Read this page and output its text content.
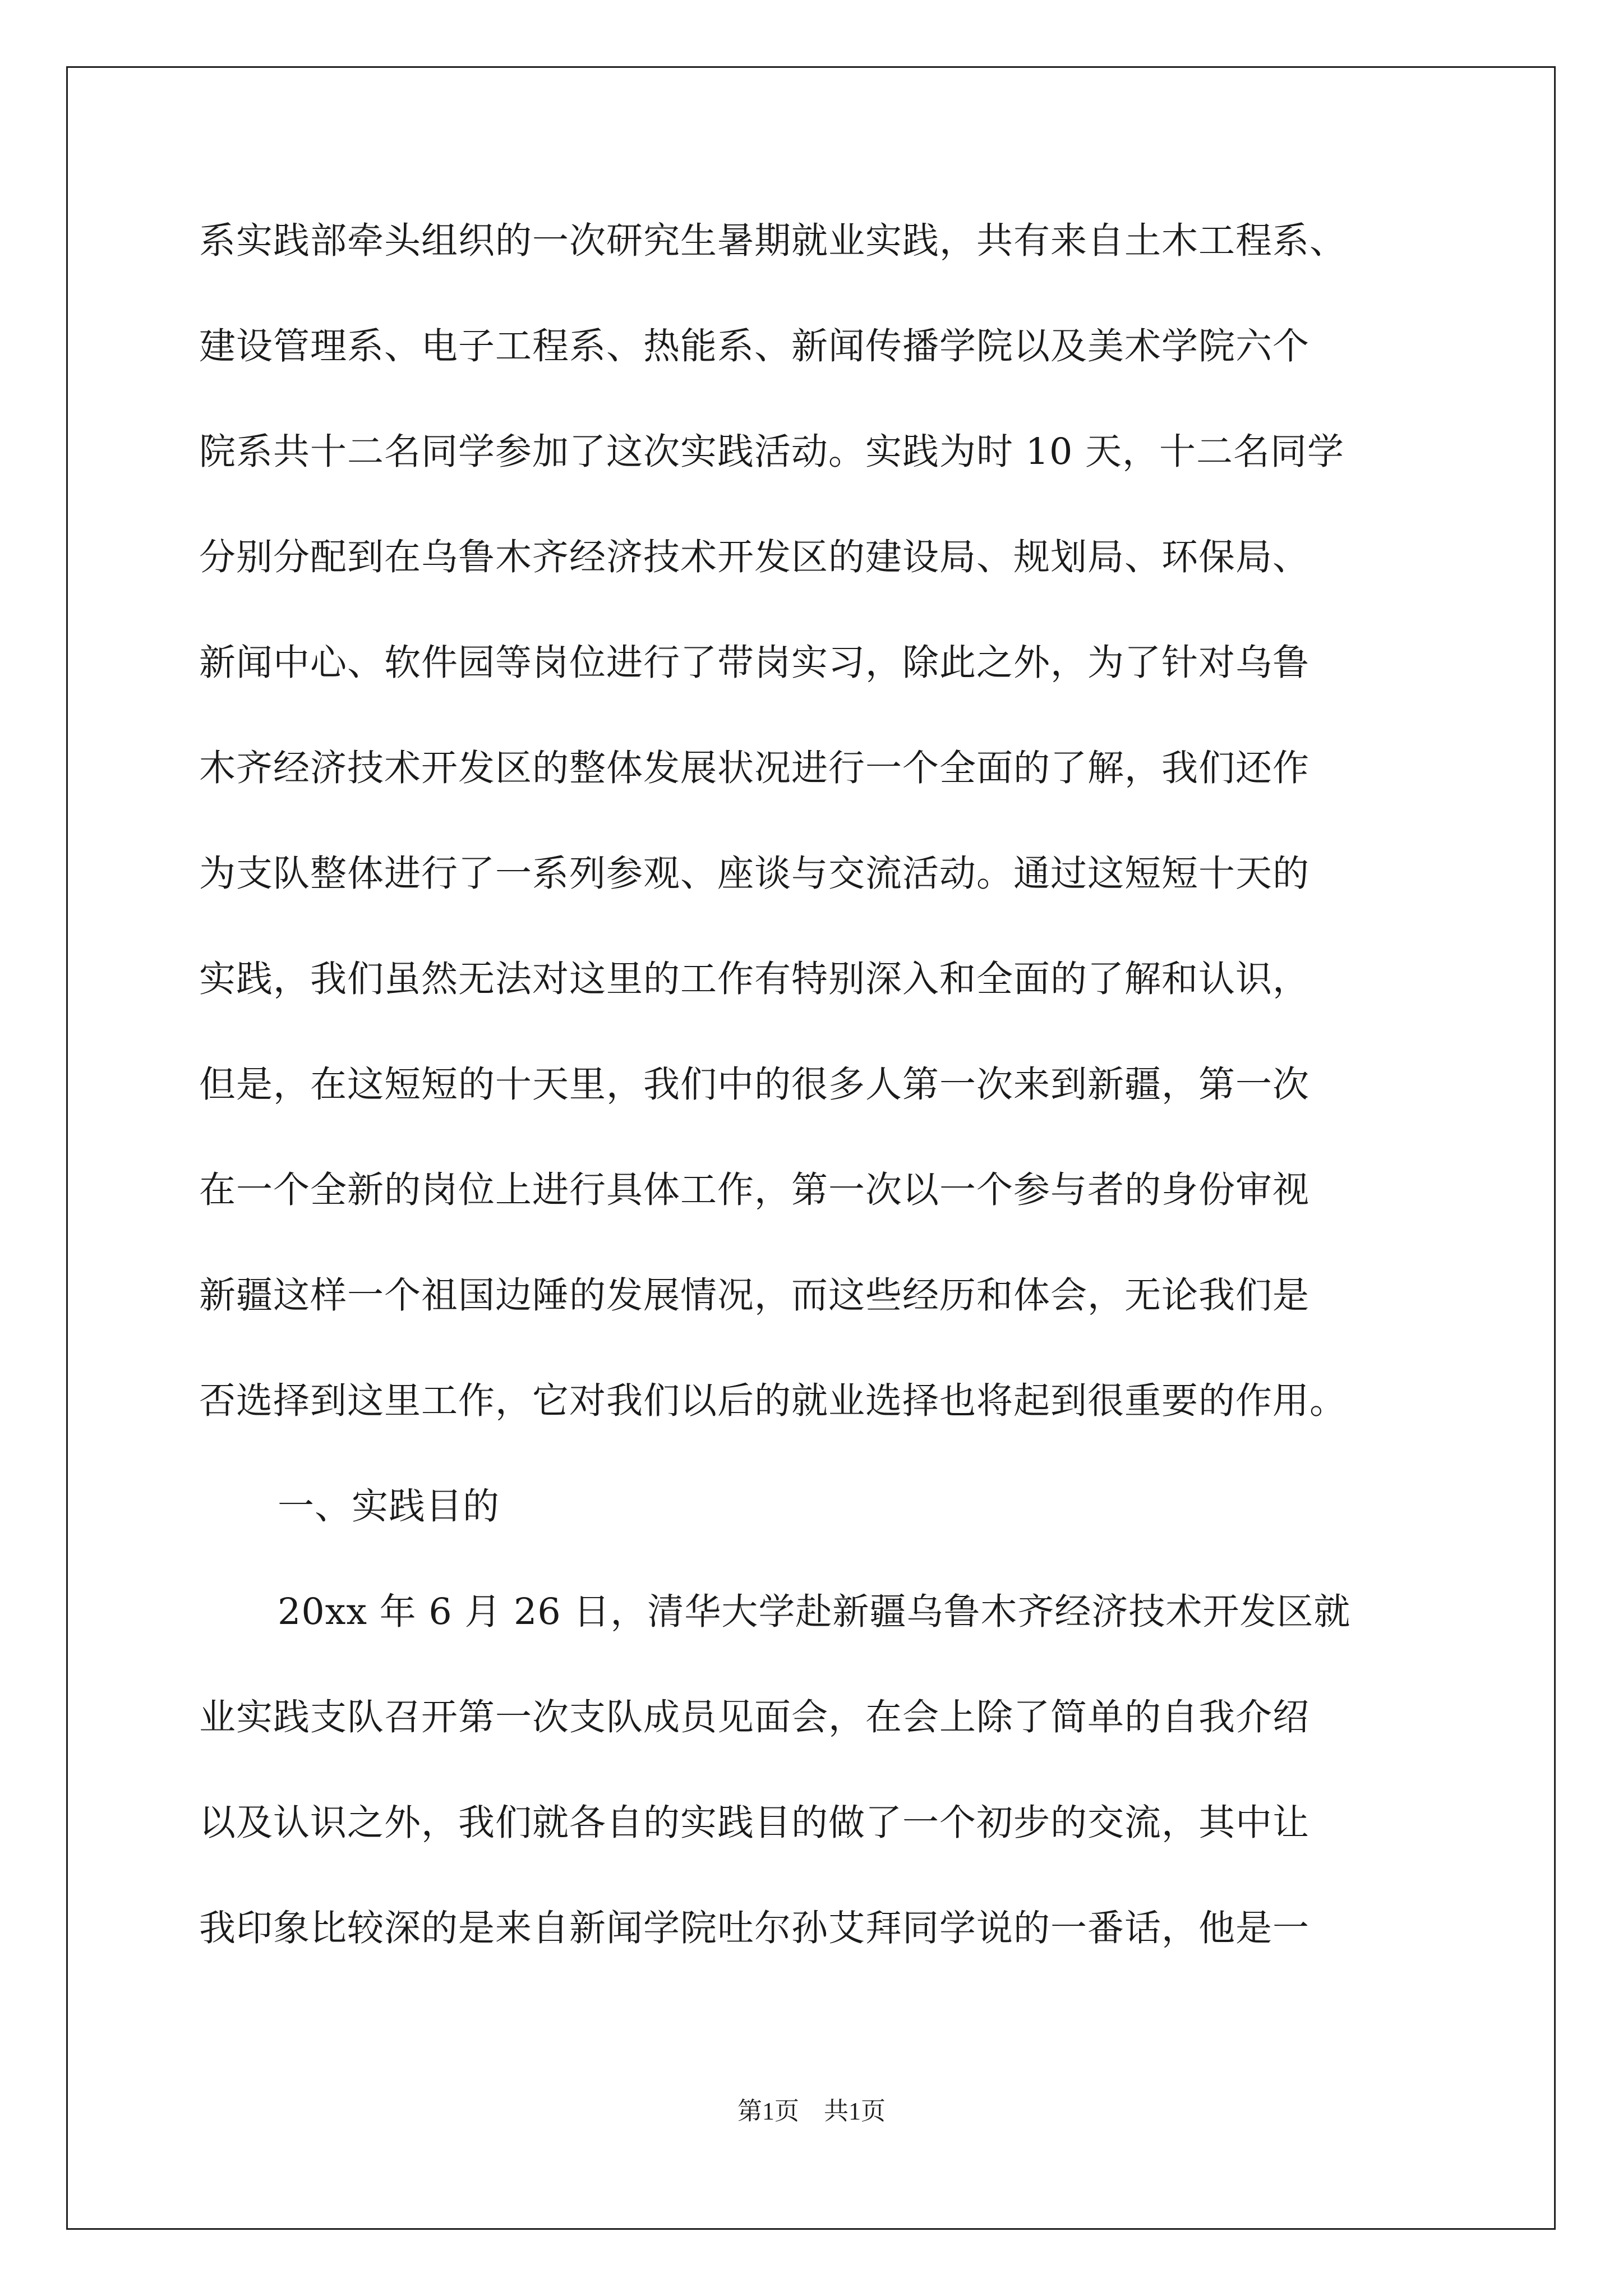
系实践部牵头组织的一次研究生暑期就业实践，共有来自土木工程系、
建设管理系、电子工程系、热能系、新闻传播学院以及美术学院六个
院系共十二名同学参加了这次实践活动。实践为时 10 天，十二名同学
分别分配到在乌鲁木齐经济技术开发区的建设局、规划局、环保局、
新闻中心、软件园等岗位进行了带岗实习，除此之外，为了针对乌鲁
木齐经济技术开发区的整体发展状况进行一个全面的了解，我们还作
为支队整体进行了一系列参观、座谈与交流活动。通过这短短十天的
实践，我们虽然无法对这里的工作有特别深入和全面的了解和认识，
但是，在这短短的十天里，我们中的很多人第一次来到新疆，第一次
在一个全新的岗位上进行具体工作，第一次以一个参与者的身份审视
新疆这样一个祖国边陲的发展情况，而这些经历和体会，无论我们是
否选择到这里工作，它对我们以后的就业选择也将起到很重要的作用。
一、实践目的
20xx 年 6 月 26 日，清华大学赴新疆乌鲁木齐经济技术开发区就
业实践支队召开第一次支队成员见面会，在会上除了简单的自我介绍
以及认识之外，我们就各自的实践目的做了一个初步的交流，其中让
我印象比较深的是来自新闻学院吐尔孙艾拜同学说的一番话，他是一
第1页 共1页
